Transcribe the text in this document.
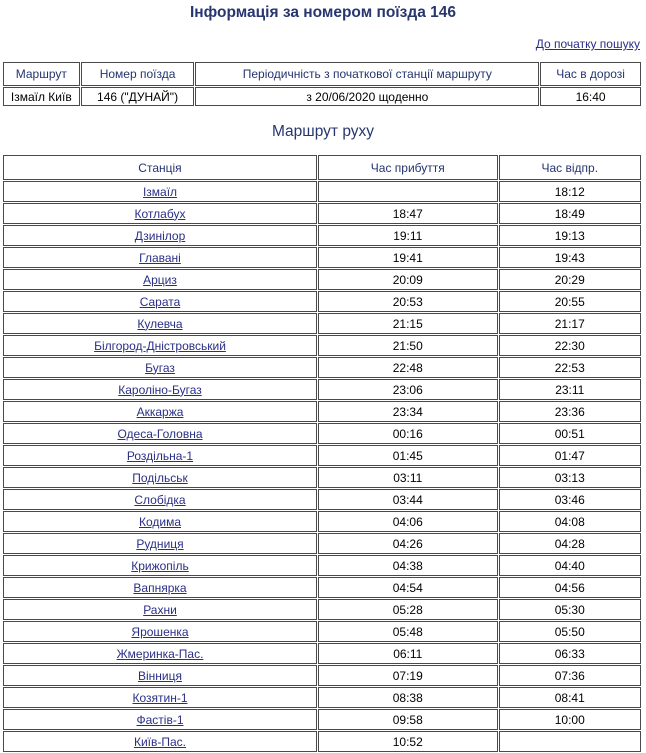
Інформація за номером поїзда 146
До початку пошуку
Маршрут	Номер поїзда	Періодичність з початкової станції маршруту	Час в дорозі
Ізмаїл Київ	146 ("ДУНАЙ")	з 20/06/2020 щоденно	16:40
Маршрут руху
Станція	Час прибуття	Час відпр.
Ізмаїл		18:12
Котлабух	18:47	18:49
Дзинілор	19:11	19:13
Главані	19:41	19:43
Арциз	20:09	20:29
Сарата	20:53	20:55
Кулевча	21:15	21:17
Білгород-Дністровський	21:50	22:30
Бугаз	22:48	22:53
Кароліно-Бугаз	23:06	23:11
Аккаржа	23:34	23:36
Одеса-Головна	00:16	00:51
Роздільна-1	01:45	01:47
Подільськ	03:11	03:13
Слобідка	03:44	03:46
Кодима	04:06	04:08
Рудниця	04:26	04:28
Крижопіль	04:38	04:40
Вапнярка	04:54	04:56
Рахни	05:28	05:30
Ярошенка	05:48	05:50
Жмеринка-Пас.	06:11	06:33
Вінниця	07:19	07:36
Козятин-1	08:38	08:41
Фастів-1	09:58	10:00
Київ-Пас.	10:52	
